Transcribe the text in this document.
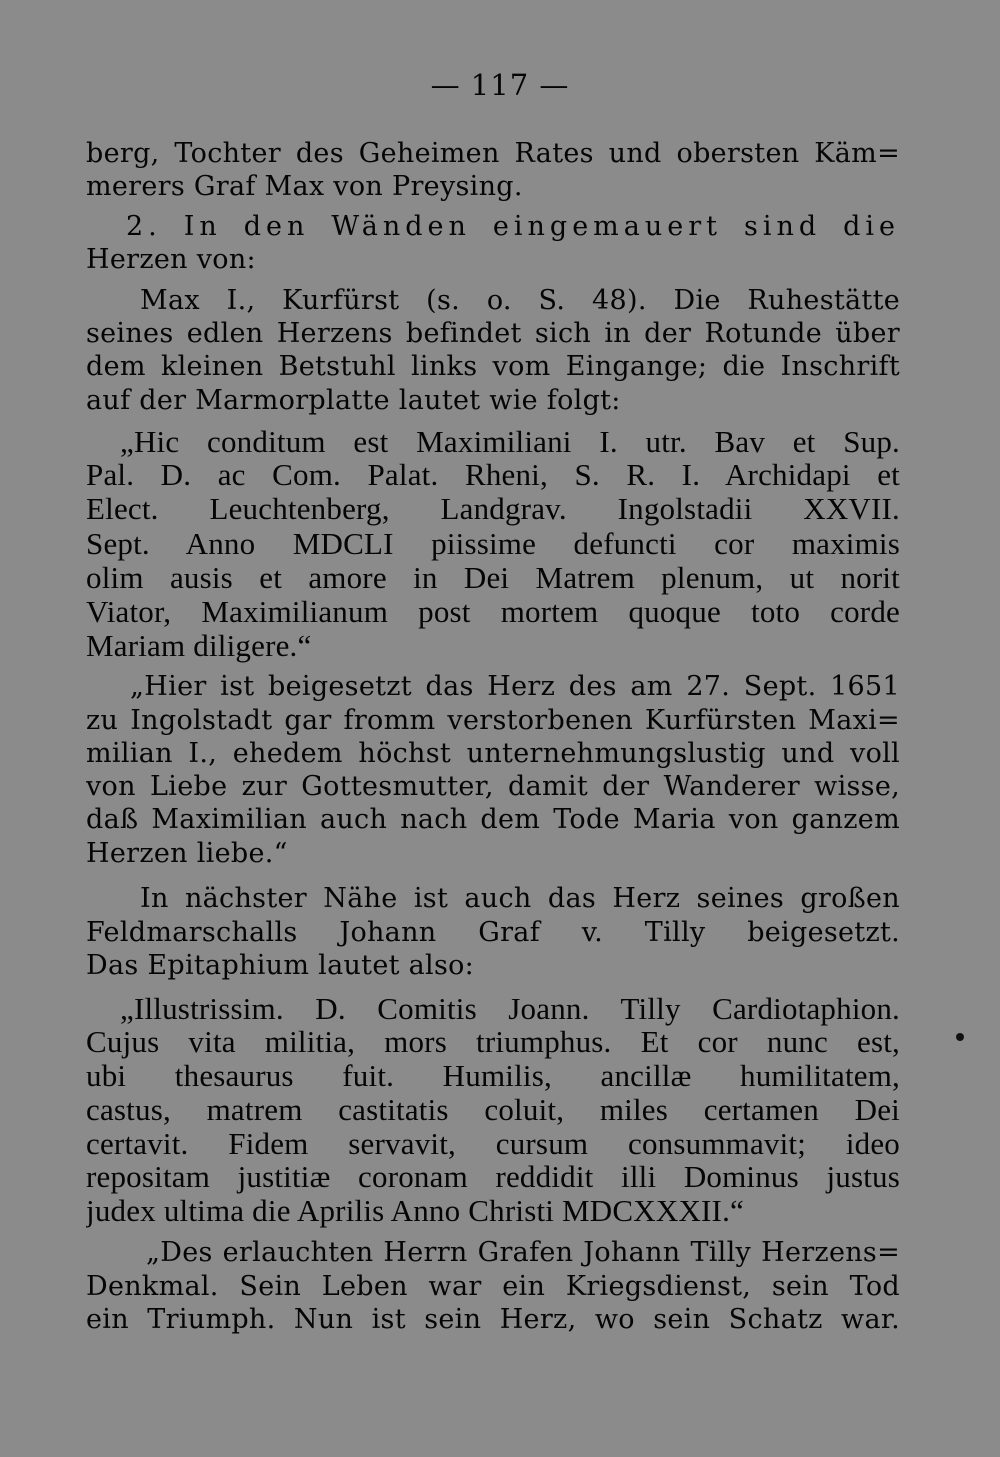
— 117 —
berg, Tochter des Geheimen Rates und obersten Käm=
merers Graf Max von Preysing.
2. In den Wänden eingemauert sind die
Herzen von:
Max I., Kurfürst (s. o. S. 48). Die Ruhestätte
seines edlen Herzens befindet sich in der Rotunde über
dem kleinen Betstuhl links vom Eingange; die Inschrift
auf der Marmorplatte lautet wie folgt:
„Hic conditum est Maximiliani I. utr. Bav et Sup.
Pal. D. ac Com. Palat. Rheni, S. R. I. Archidapi et
Elect. Leuchtenberg, Landgrav. Ingolstadii XXVII.
Sept. Anno MDCLI piissime defuncti cor maximis
olim ausis et amore in Dei Matrem plenum, ut norit
Viator, Maximilianum post mortem quoque toto corde
Mariam diligere.“
„Hier ist beigesetzt das Herz des am 27. Sept. 1651
zu Ingolstadt gar fromm verstorbenen Kurfürsten Maxi=
milian I., ehedem höchst unternehmungslustig und voll
von Liebe zur Gottesmutter, damit der Wanderer wisse,
daß Maximilian auch nach dem Tode Maria von ganzem
Herzen liebe.“
In nächster Nähe ist auch das Herz seines großen
Feldmarschalls Johann Graf v. Tilly beigesetzt.
Das Epitaphium lautet also:
„Illustrissim. D. Comitis Joann. Tilly Cardiotaphion.
Cujus vita militia, mors triumphus. Et cor nunc est,
ubi thesaurus fuit. Humilis, ancillæ humilitatem,
castus, matrem castitatis coluit, miles certamen Dei
certavit. Fidem servavit, cursum consummavit; ideo
repositam justitiæ coronam reddidit illi Dominus justus
judex ultima die Aprilis Anno Christi MDCXXXII.“
„Des erlauchten Herrn Grafen Johann Tilly Herzens=
Denkmal. Sein Leben war ein Kriegsdienst, sein Tod
ein Triumph. Nun ist sein Herz, wo sein Schatz war.
